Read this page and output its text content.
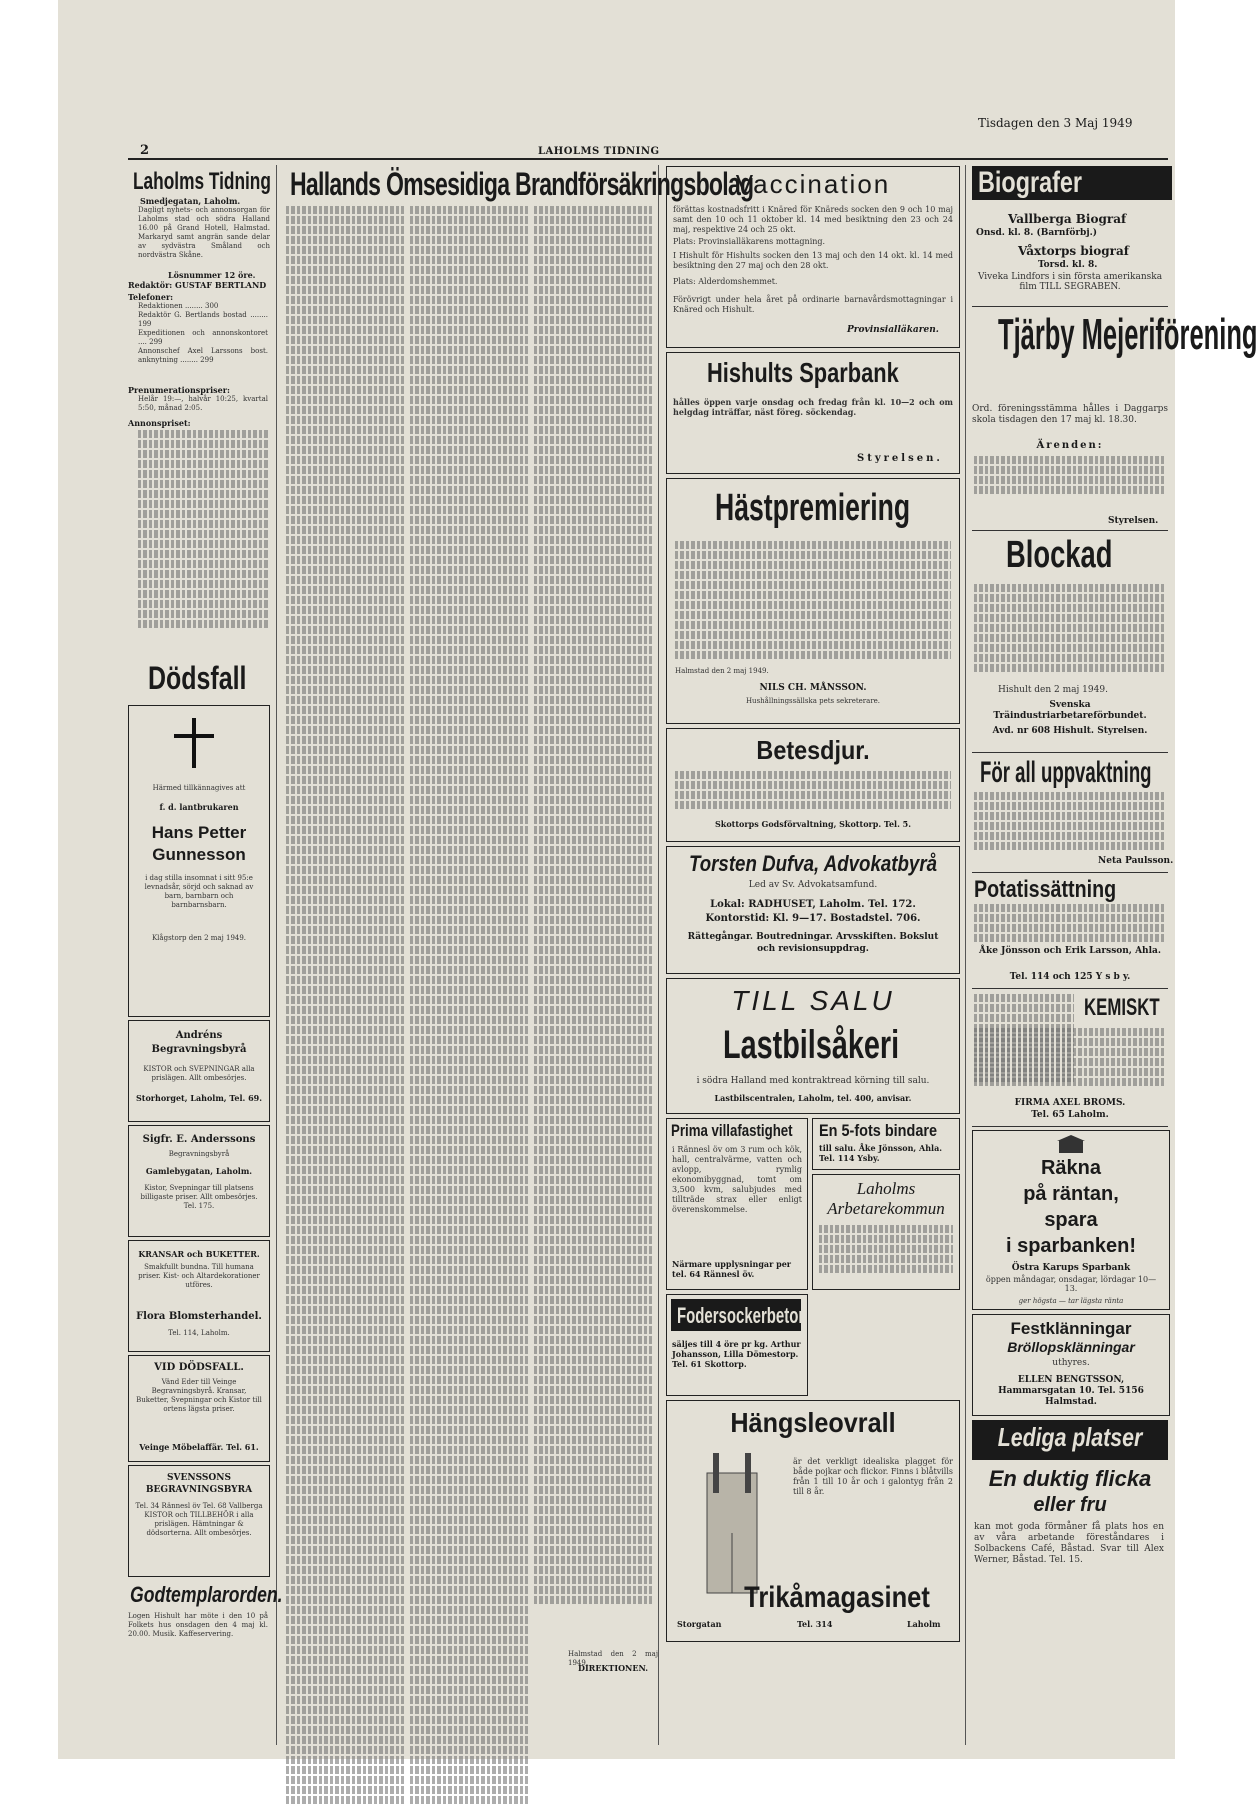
2	LAHOLMS TIDNING
Tisdagen den 3 Maj 1949
Laholms Tidning
Smedjegatan, Laholm.
Dagligt nyhets- och annonsorgan för Laholms stad och södra Halland 16.00 på Grand Hotell, Halmstad. Markaryd samt angrän sande delar av sydvästra Småland och nordvästra Skåne.
Lösnummer 12 öre.
Redaktör: GUSTAF BERTLAND
Telefoner:
Redaktionen ........ 300
Redaktör G. Bertlands bostad ........ 199
Expeditionen och annonskontoret .... 299
Annonschef Axel Larssons bost. anknytning ........ 299
Prenumerationspriser:
Helår 19:—, halvår 10:25, kvartal 5:50, månad 2:05.
Annonspriset:
Dödsfall
Härmed tillkännagives att
f. d. lantbrukaren
Hans Petter Gunnesson
i dag stilla insomnat i sitt 95:e levnadsår, sörjd och saknad av barn, barnbarn och barnbarnsbarn.
Klågstorp den 2 maj 1949.
Andréns Begravningsbyrå
KISTOR och SVEPNINGAR alla prislägen. Allt ombesörjes.
Storhorget, Laholm, Tel. 69.
Sigfr. E. Anderssons
Begravningsbyrå
Gamlebygatan, Laholm.
Kistor, Svepningar till platsens billigaste priser. Allt ombesörjes. Tel. 175.
KRANSAR och BUKETTER.
Smakfullt bundna. Till humana priser. Kist- och Altardekorationer utföres.
Flora Blomsterhandel.
Tel. 114, Laholm.
VID DÖDSFALL.
Vänd Eder till Veinge Begravningsbyrå. Kransar, Buketter, Svepningar och Kistor till ortens lägsta priser.
Veinge Möbelaffär. Tel. 61.
SVENSSONS BEGRAVNINGSBYRA
Tel. 34 Rännesl öv Tel. 68 Vallberga KISTOR och TILLBEHÖR i alla prislägen. Hämtningar & dödsorterna. Allt ombesörjes.
Godtemplarorden.
Logen Hishult har möte i den 10 på Folkets hus onsdagen den 4 maj kl. 20.00. Musik. Kaffeservering.
Hallands Ömsesidiga Brandförsäkringsbolag
Halmstad den 2 maj 1949.
DIREKTIONEN.
Vaccination
förättas kostnadsfritt i Knäred för Knäreds socken den 9 och 10 maj samt den 10 och 11 oktober kl. 14 med besiktning den 23 och 24 maj, respektive 24 och 25 okt.
Plats: Provinsialläkarens mottagning.
I Hishult för Hishults socken den 13 maj och den 14 okt. kl. 14 med besiktning den 27 maj och den 28 okt.
Plats: Alderdomshemmet.
Förövrigt under hela året på ordinarie barnavårdsmottagningar i Knäred och Hishult.
Provinsialläkaren.
Hishults Sparbank
hålles öppen varje onsdag och fredag från kl. 10—2 och om helgdag inträffar, näst föreg. söckendag.
Styrelsen.
Hästpremiering
Halmstad den 2 maj 1949.
NILS CH. MÅNSSON.
Hushållningssällska pets sekreterare.
Betesdjur.
Skottorps Godsförvaltning, Skottorp. Tel. 5.
Torsten Dufva, Advokatbyrå
Led av Sv. Advokatsamfund.
Lokal: RADHUSET, Laholm. Tel. 172.
Kontorstid: Kl. 9—17. Bostadstel. 706.
Rättegångar. Boutredningar. Arvsskiften. Bokslut och revisionsuppdrag.
TILL SALU
Lastbilsåkeri
i södra Halland med kontraktread körning till salu.
Lastbilscentralen, Laholm, tel. 400, anvisar.
Prima villafastighet
i Rännesl öv om 3 rum och kök, hall, centralvärme, vatten och avlopp, rymlig ekonomibyggnad, tomt om 3,500 kvm, salubjudes med tillträde strax eller enligt överenskommelse.
Närmare upplysningar per tel. 64 Rännesl öv.
En 5-fots bindare
till salu. Åke Jönsson, Ahla. Tel. 114 Ysby.
Laholms Arbetarekommun
Fodersockerbetor
säljes till 4 öre pr kg. Arthur Johansson, Lilla Dömestorp. Tel. 61 Skottorp.
Hängsleovrall
är det verkligt idealiska plagget för både pojkar och flickor. Finns i blåtvills från 1 till 10 år och i galontyg från 2 till 8 år.
Trikåmagasinet
Storgatan	Tel. 314	Laholm
Biografer
Vallberga Biograf
Onsd. kl. 8. (Barnförbj.)
Våxtorps biograf
Torsd. kl. 8.
Viveka Lindfors i sin första amerikanska film TILL SEGRABEN.
Tjärby Mejeriförening
Ord. föreningsstämma hålles i Daggarps skola tisdagen den 17 maj kl. 18.30.
Ärenden:
Styrelsen.
Blockad
Hishult den 2 maj 1949.
Svenska Träindustriarbetareförbundet.
Avd. nr 608 Hishult. Styrelsen.
För all uppvaktning
Neta Paulsson.
Potatissättning
Åke Jönsson och Erik Larsson, Ahla.
Tel. 114 och 125 Y s b y.
KEMISKT
FIRMA AXEL BROMS.
Tel. 65 Laholm.
Räkna
på räntan,
spara
i sparbanken!
Östra Karups Sparbank
öppen måndagar, onsdagar, lördagar 10—13.
ger högsta — tar lägsta ränta
Festklänningar
Bröllopsklänningar
uthyres.
ELLEN BENGTSSON, Hammarsgatan 10. Tel. 5156 Halmstad.
Lediga platser
En duktig flicka
eller fru
kan mot goda förmåner få plats hos en av våra arbetande föreståndares i Solbackens Café, Båstad. Svar till Alex Werner, Båstad. Tel. 15.
